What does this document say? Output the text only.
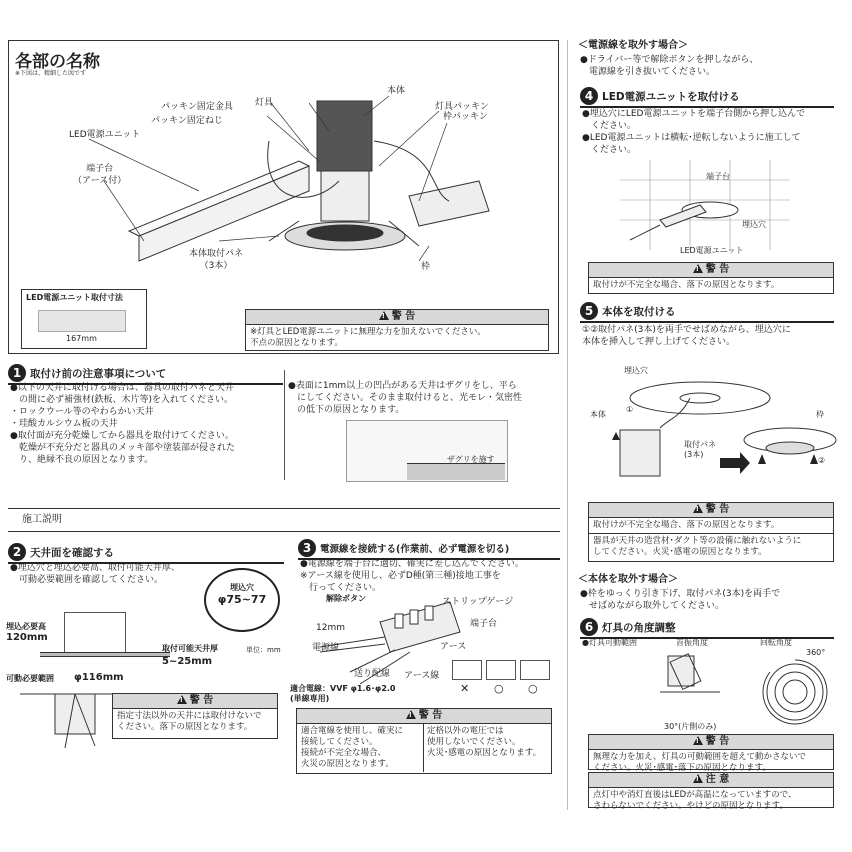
各部の名称
※下図は、精細した図です
本体
灯具
パッキン固定金具
パッキン固定ねじ
灯具パッキン
枠パッキン
LED電源ユニット
端子台
（アース付）
本体取付パネ
（3本）	枠
LED電源ユニット取付寸法
167mm
!警 告
※灯具とLED電源ユニットに無理な力を加えないでください。
不点の原因となります。
1 取付け前の注意事項について
●以下の天井に取付ける場合は、器具の取付パネと天井
　の間に必ず補強材(鉄板、木片等)を入れてください。
・ロックウール等のやわらかい天井
・珪酸カルシウム板の天井
●取付面が充分乾燥してから器具を取付けてください。
　乾燥が不充分だと器具のメッキ部や塗装部が侵された
　り、絶縁不良の原因となります。
●表面に1mm以上の凹凸がある天井はザグリをし、平ら
　にしてください。そのまま取付けると、光モレ・気密性
　の低下の原因となります。
ザグリを施す
施工説明
2 天井面を確認する
●埋込穴と埋込必要高、取付可能天井厚、
　可動必要範囲を確認してください。
埋込穴
φ75~77
埋込必要高
120mm
取付可能天井厚
5~25mm
単位：mm
可動必要範囲 φ116mm
!警 告
指定寸法以外の天井には取付けないで
ください。落下の原因となります。
3 電源線を接続する(作業前、必ず電源を切る)
●電源線を端子台に適切、確実に差し込んでください。
※アース線を使用し、必ずD種(第三種)接地工事を
　行ってください。
解除ボタン	ストリップゲージ
端子台
12mm
アース
電源線
送り配線 アース線
適合電線：VVF φ1.6･φ2.0
(単線専用)
✕ ○ ○
!警 告
適合電線を使用し、確実に
接続してください。
接続が不完全な場合、
火災の原因となります。
定格以外の電圧では
使用しないでください。
火災･感電の原因となります。
＜電源線を取外す場合＞
●ドライバー等で解除ボタンを押しながら、
　電源線を引き抜いてください。
4 LED電源ユニットを取付ける
●埋込穴にLED電源ユニットを端子台側から押し込んで
　ください。
●LED電源ユニットは横転･逆転しないように施工して
　ください。
端子台
埋込穴
LED電源ユニット
!警 告
取付けが不完全な場合、落下の原因となります。
5 本体を取付ける
①②取付パネ(3本)を両手でせばめながら、埋込穴に
本体を挿入して押し上げてください。
埋込穴
本体
①
取付パネ
(3本)
枠
②
!警 告
取付けが不完全な場合、落下の原因となります。
器具が天井の造営材･ダクト等の設備に触れないように
してください。火災･感電の原因となります。
＜本体を取外す場合＞
●枠をゆっくり引き下げ、取付パネ(3本)を両手で
　せばめながら取外してください。
6 灯具の角度調整
●灯具可動範囲	首振角度	回転角度
360°
30°(片側のみ)
!警 告
無理な力を加え、灯具の可動範囲を超えて動かさないで
ください。火災･感電･落下の原因となります。
!注 意
点灯中や消灯直後はLEDが高温になっていますので、
さわらないでください。やけどの原因となります。
